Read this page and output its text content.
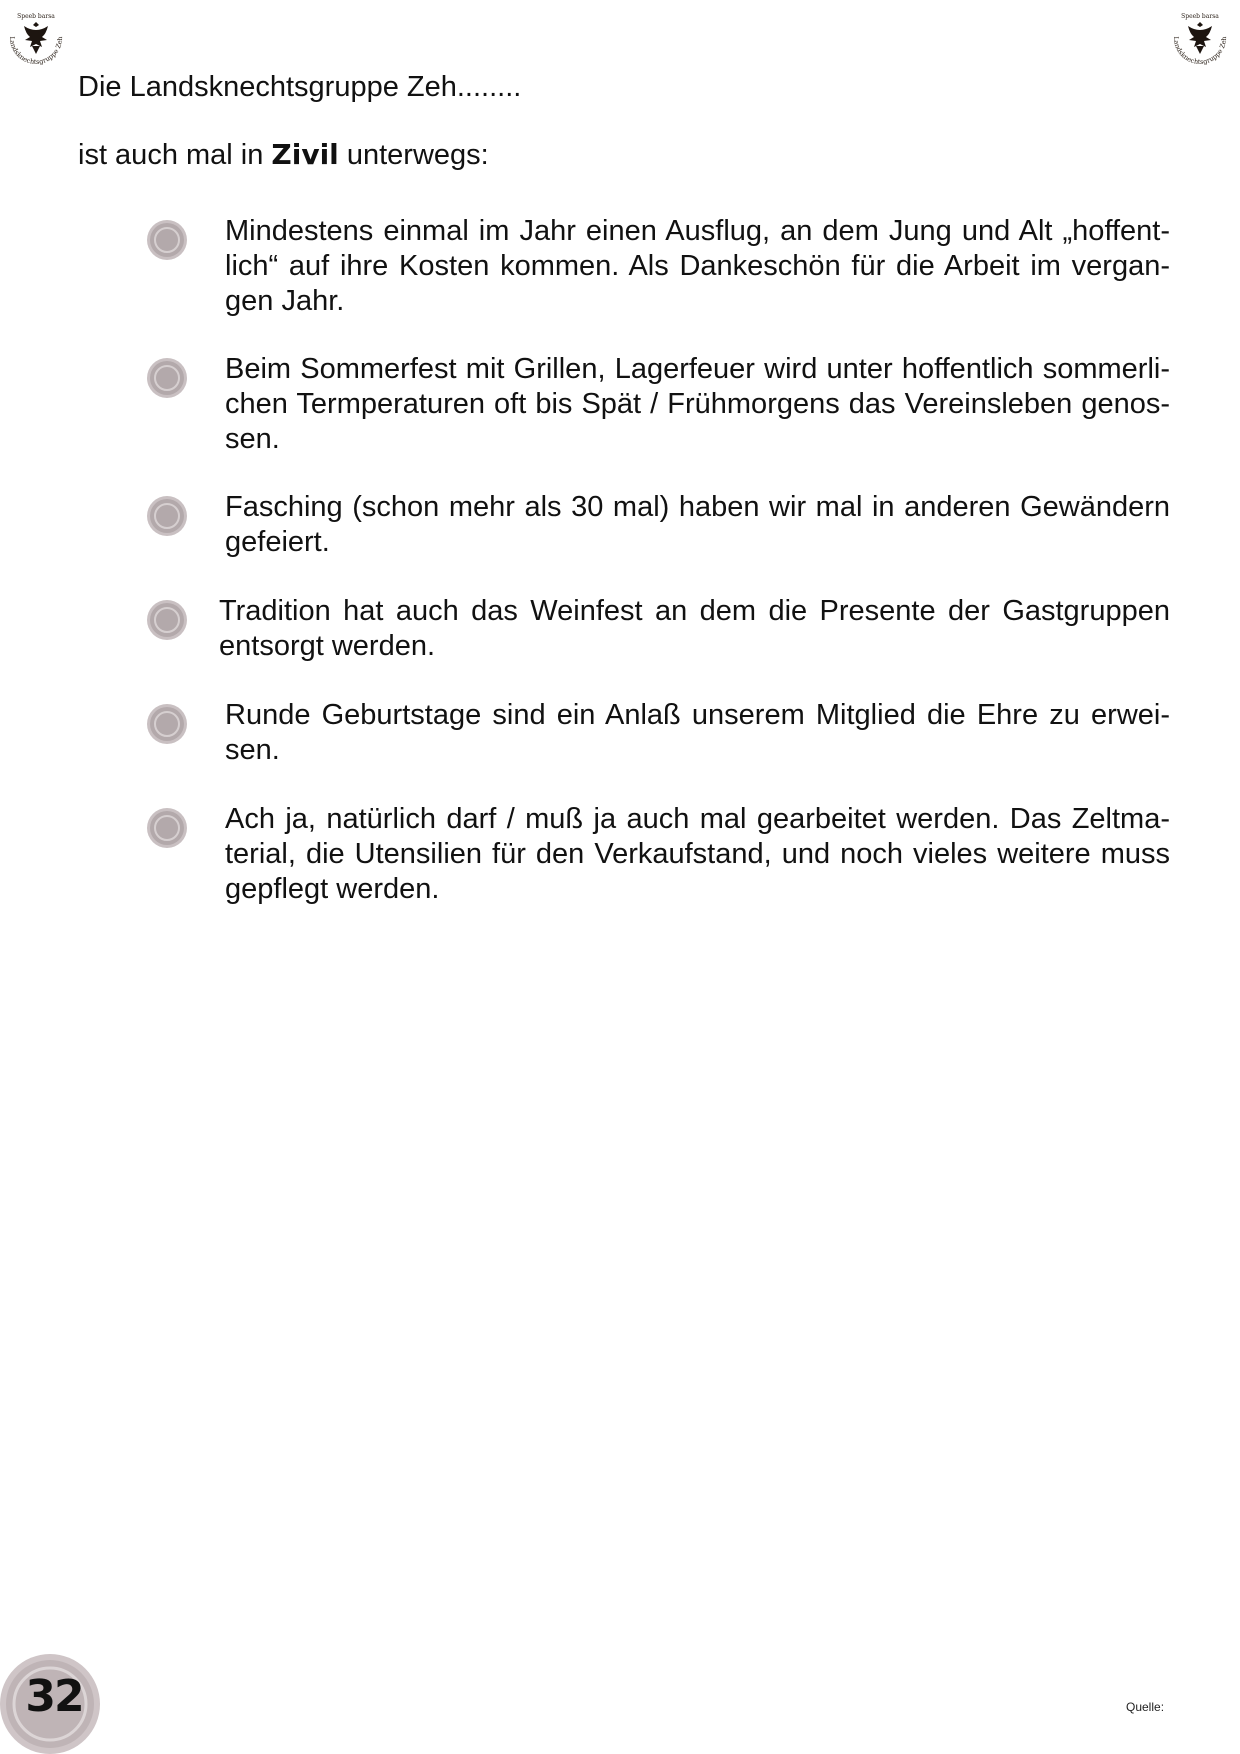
Speeb barsa
Landsknechtsgruppe Zeh
Speeb barsa
Landsknechtsgruppe Zeh

Die Landsknechtsgruppe Zeh........

ist auch mal in Zivil unterwegs:

Mindestens einmal im Jahr einen Ausflug, an dem Jung und Alt „hoffent-lich“ auf ihre Kosten kommen. Als Dankeschön für die Arbeit im vergan-gen Jahr.

Beim Sommerfest mit Grillen, Lagerfeuer wird unter hoffentlich sommerli-chen Termperaturen oft bis Spät / Frühmorgens das Vereinsleben genos-sen.

Fasching (schon mehr als 30 mal) haben wir mal in anderen Gewändern gefeiert.

Tradition hat auch das Weinfest an dem die Presente der Gastgruppen entsorgt werden.

Runde Geburtstage sind ein Anlaß unserem Mitglied die Ehre zu erwei-sen.

Ach ja, natürlich darf / muß ja auch mal gearbeitet werden. Das Zeltma-terial, die Utensilien für den Verkaufstand, und noch vieles weitere muss gepflegt werden.

32	Quelle:
